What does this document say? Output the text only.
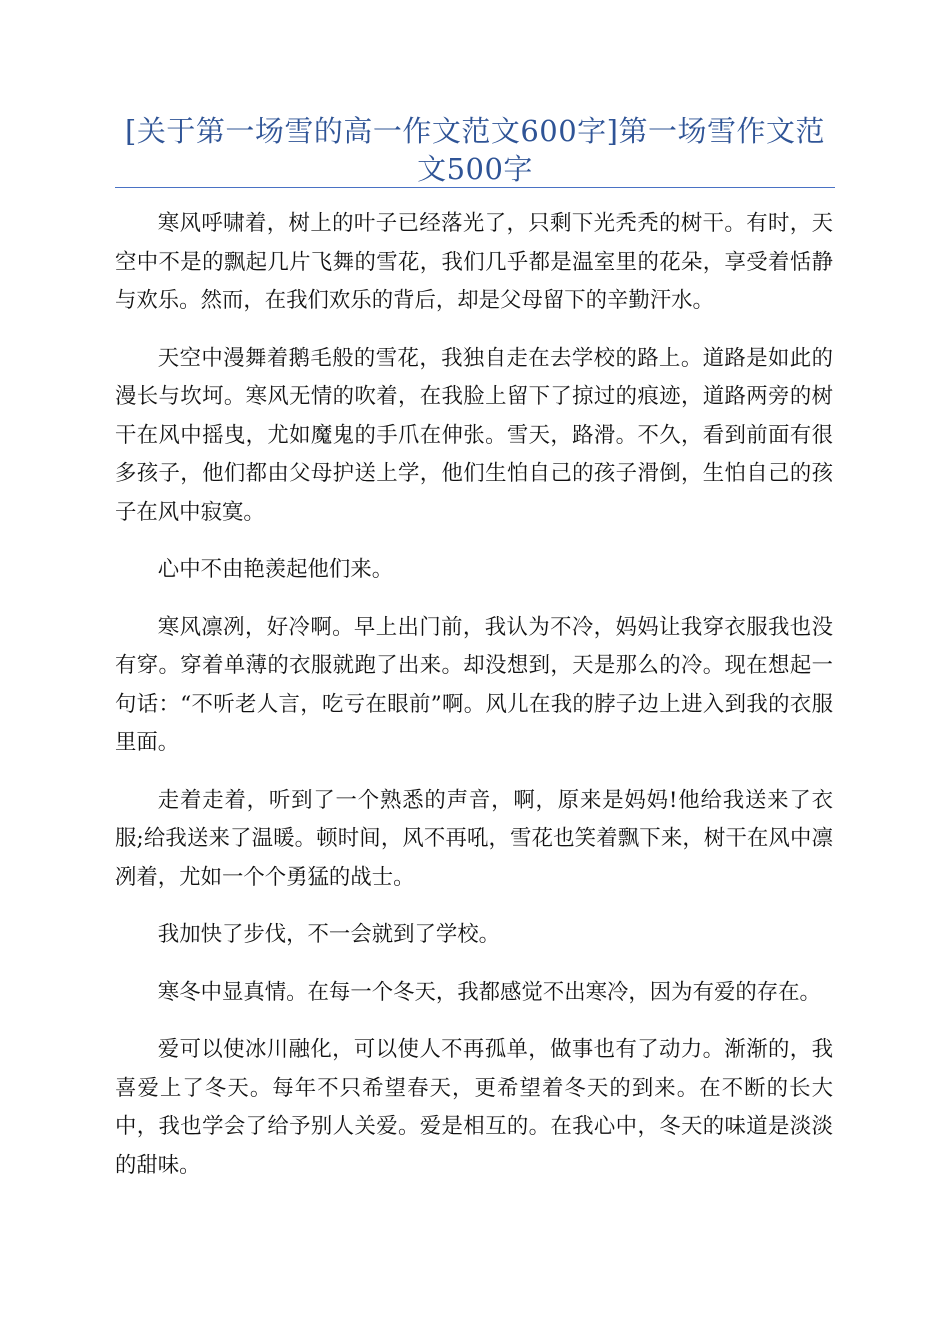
[关于第一场雪的高一作文范文600字]第一场雪作文范文500字

寒风呼啸着，树上的叶子已经落光了，只剩下光秃秃的树干。有时，天空中不是的飘起几片飞舞的雪花，我们几乎都是温室里的花朵，享受着恬静与欢乐。然而，在我们欢乐的背后，却是父母留下的辛勤汗水。

天空中漫舞着鹅毛般的雪花，我独自走在去学校的路上。道路是如此的漫长与坎坷。寒风无情的吹着，在我脸上留下了掠过的痕迹，道路两旁的树干在风中摇曳，尤如魔鬼的手爪在伸张。雪天，路滑。不久，看到前面有很多孩子，他们都由父母护送上学，他们生怕自己的孩子滑倒，生怕自己的孩子在风中寂寞。

心中不由艳羡起他们来。

寒风凛冽，好冷啊。早上出门前，我认为不冷，妈妈让我穿衣服我也没有穿。穿着单薄的衣服就跑了出来。却没想到，天是那么的冷。现在想起一句话：“不听老人言，吃亏在眼前”啊。风儿在我的脖子边上进入到我的衣服里面。

走着走着，听到了一个熟悉的声音，啊，原来是妈妈!他给我送来了衣服;给我送来了温暖。顿时间，风不再吼，雪花也笑着飘下来，树干在风中凛冽着，尤如一个个勇猛的战士。

我加快了步伐，不一会就到了学校。

寒冬中显真情。在每一个冬天，我都感觉不出寒冷，因为有爱的存在。

爱可以使冰川融化，可以使人不再孤单，做事也有了动力。渐渐的，我喜爱上了冬天。每年不只希望春天，更希望着冬天的到来。在不断的长大中，我也学会了给予别人关爱。爱是相互的。在我心中，冬天的味道是淡淡的甜味。
